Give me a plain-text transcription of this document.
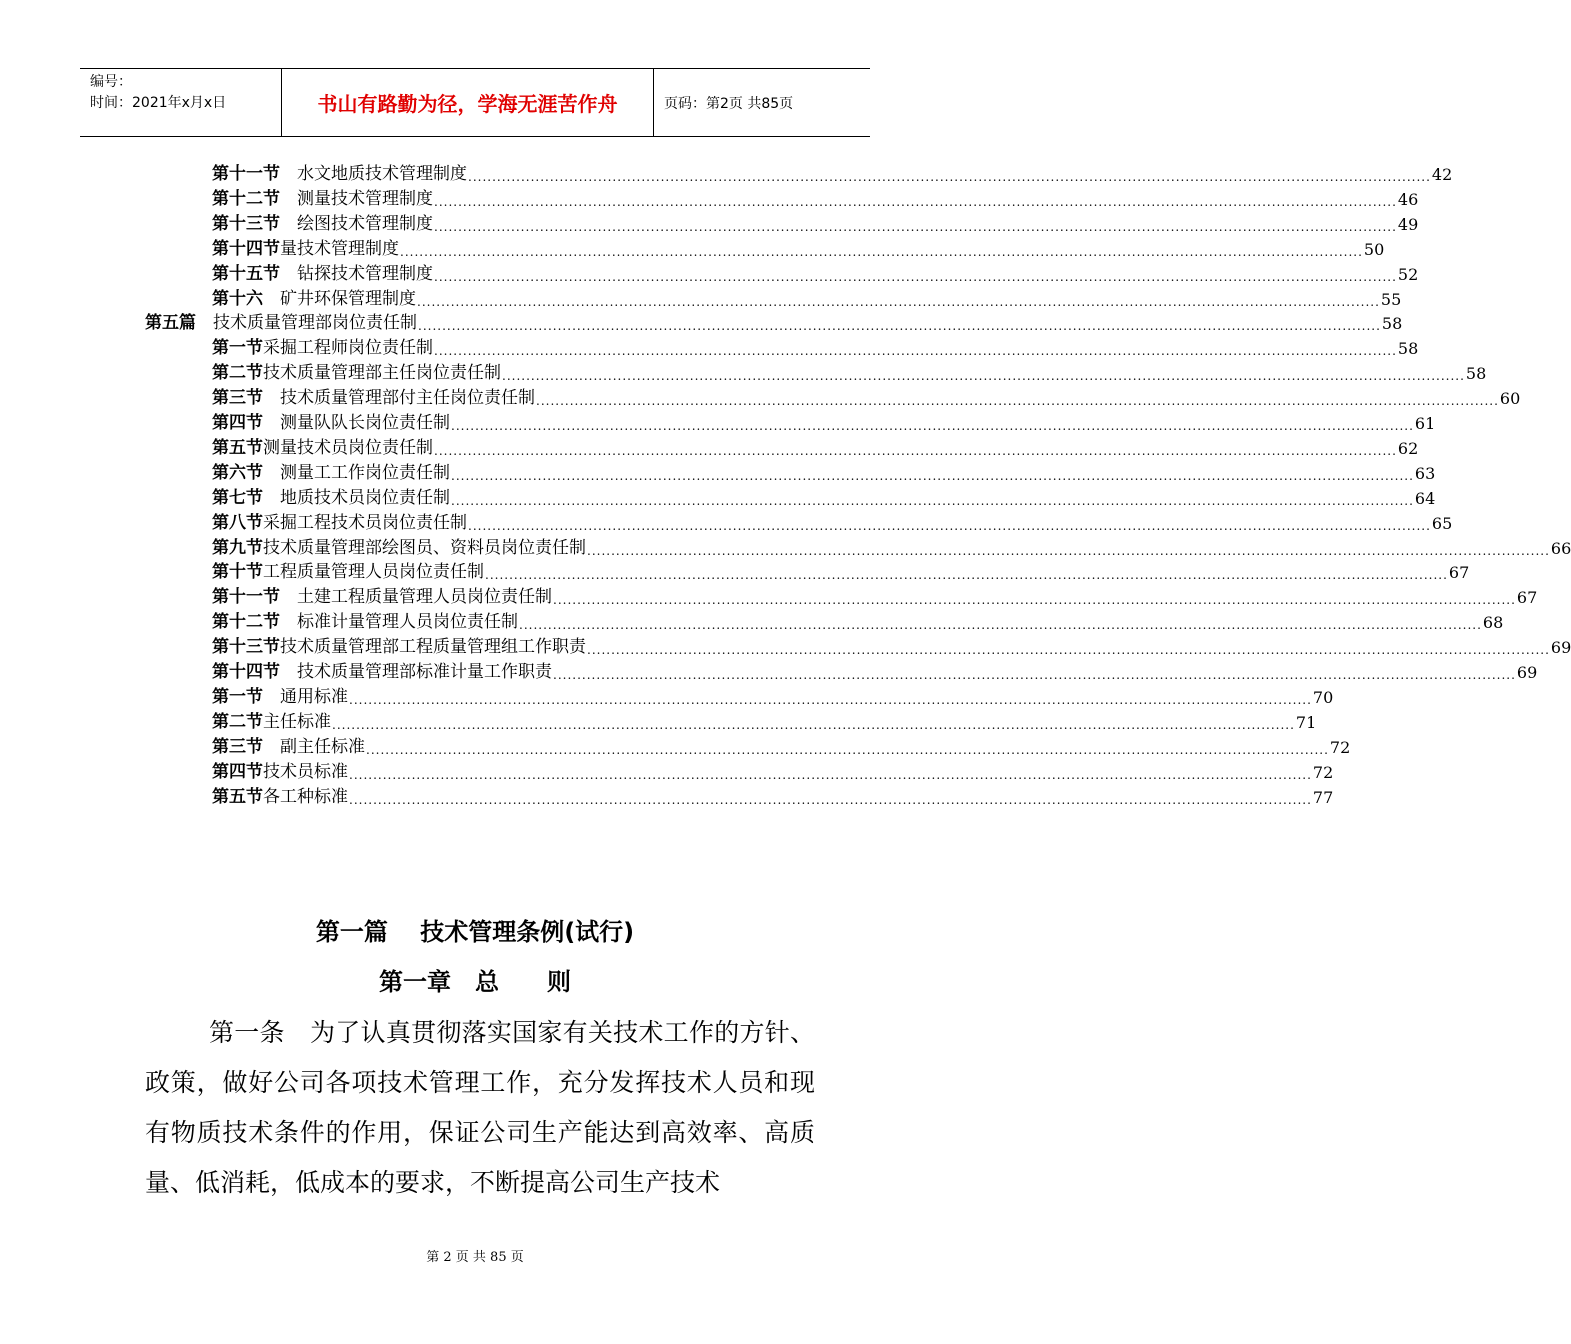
编号：
时间：2021年x月x日	书山有路勤为径，学海无涯苦作舟	页码：第2页 共85页
第十一节
　 水文地质技术管理制度 ........................................................................................................................................................................................................ 42
第十二节
　 测量技术管理制度 ........................................................................................................................................................................................................ 46
第十三节
　 绘图技术管理制度 ........................................................................................................................................................................................................ 49
第十四节 量技术管理制度 ........................................................................................................................................................................................................ 50
第十五节
　 钻探技术管理制度 ........................................................................................................................................................................................................ 52
第十六
　 矿井环保管理制度 ........................................................................................................................................................................................................ 55
第五篇
　 技术质量管理部岗位责任制 ........................................................................................................................................................................................................ 58
第一节 采掘工程师岗位责任制 ........................................................................................................................................................................................................ 58
第二节 技术质量管理部主任岗位责任制 ........................................................................................................................................................................................................ 58
第三节
　 技术质量管理部付主任岗位责任制 ........................................................................................................................................................................................................ 60
第四节
　 测量队队长岗位责任制 ........................................................................................................................................................................................................ 61
第五节 测量技术员岗位责任制 ........................................................................................................................................................................................................ 62
第六节
　 测量工工作岗位责任制 ........................................................................................................................................................................................................ 63
第七节
　 地质技术员岗位责任制 ........................................................................................................................................................................................................ 64
第八节 采掘工程技术员岗位责任制 ........................................................................................................................................................................................................ 65
第九节 技术质量管理部绘图员、资料员岗位责任制 ........................................................................................................................................................................................................ 66
第十节 工程质量管理人员岗位责任制 ........................................................................................................................................................................................................ 67
第十一节
　 土建工程质量管理人员岗位责任制 ........................................................................................................................................................................................................ 67
第十二节
　 标准计量管理人员岗位责任制 ........................................................................................................................................................................................................ 68
第十三节 技术质量管理部工程质量管理组工作职责 ........................................................................................................................................................................................................ 69
第十四节
　 技术质量管理部标准计量工作职责 ........................................................................................................................................................................................................ 69
第一节
　 通用标准 ........................................................................................................................................................................................................ 70
第二节 主任标准 ........................................................................................................................................................................................................ 71
第三节
　 副主任标准 ........................................................................................................................................................................................................ 72
第四节 技术员标准 ........................................................................................................................................................................................................ 72
第五节 各工种标准 ........................................................................................................................................................................................................ 77
第一篇　 技术管理条例(试行)
第一章　总　　则

第一条　为了认真贯彻落实国家有关技术工作的方针、政策，做好公司各项技术管理工作，充分发挥技术人员和现有物质技术条件的作用，保证公司生产能达到高效率、高质量、低消耗，低成本的要求，不断提高公司生产技术

第 2 页 共 85 页
